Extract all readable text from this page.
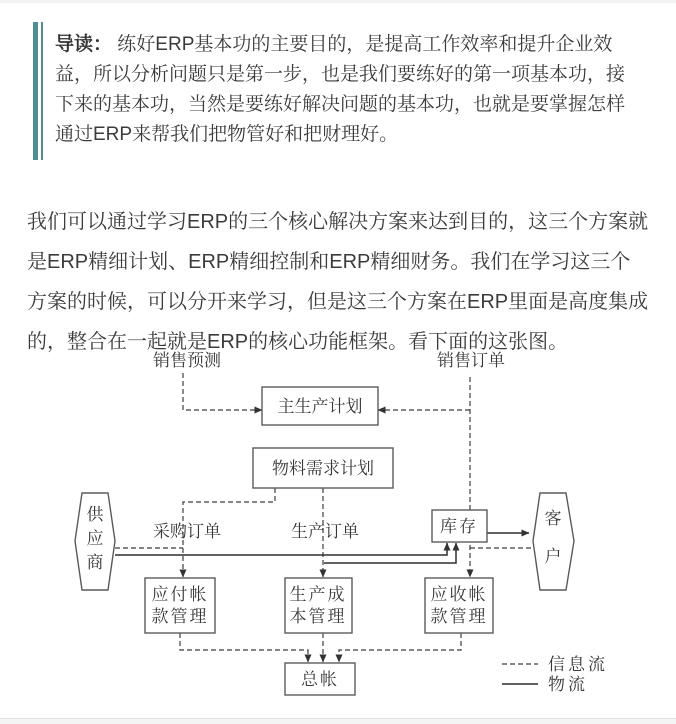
导读： 练好ERP基本功的主要目的，是提高工作效率和提升企业效益，所以分析问题只是第一步，也是我们要练好的第一项基本功，接下来的基本功，当然是要练好解决问题的基本功，也就是要掌握怎样通过ERP来帮我们把物管好和把财理好。

我们可以通过学习ERP的三个核心解决方案来达到目的，这三个方案就是ERP精细计划、ERP精细控制和ERP精细财务。我们在学习这三个方案的时候，可以分开来学习，但是这三个方案在ERP里面是高度集成的，整合在一起就是ERP的核心功能框架。看下面的这张图。

销售预测	销售订单
采购订单	生产订单
主生产计划
物料需求计划
库存
应付帐
款管理
生产成
本管理
应收帐
款管理
总帐
供
应
商
客
户
信息流
物流
